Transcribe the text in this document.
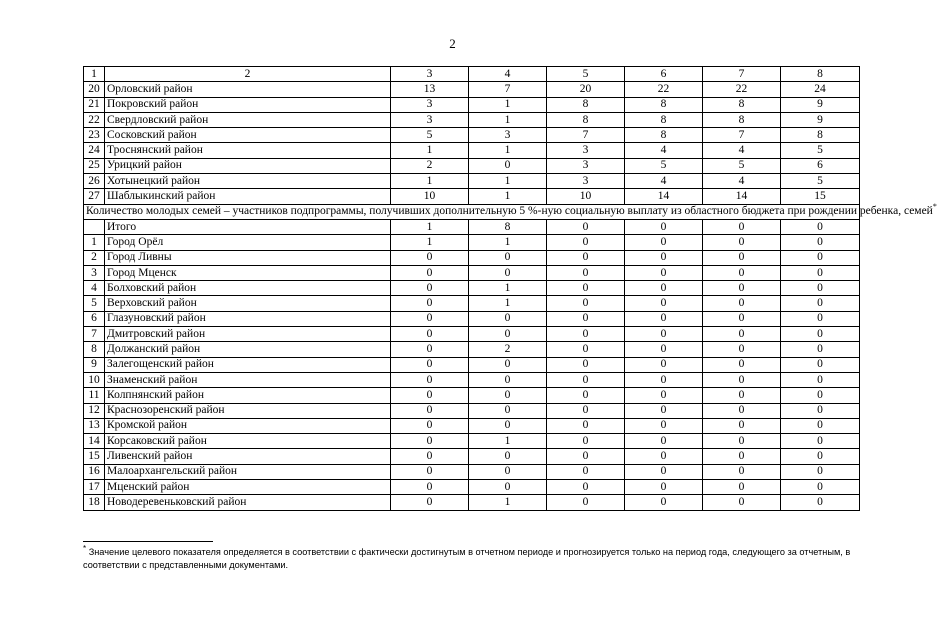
2
1	2	3	4	5	6	7	8
20	Орловский район	13	7	20	22	22	24
21	Покровский район	3	1	8	8	8	9
22	Свердловский район	3	1	8	8	8	9
23	Сосковский район	5	3	7	8	7	8
24	Троснянский район	1	1	3	4	4	5
25	Урицкий район	2	0	3	5	5	6
26	Хотынецкий район	1	1	3	4	4	5
27	Шаблыкинский район	10	1	10	14	14	15
Количество молодых семей – участников подпрограммы, получивших дополнительную 5 %-ную социальную выплату из областного бюджета при рождении ребенка, семей*
	Итого	1	8	0	0	0	0
1	Город Орёл	1	1	0	0	0	0
2	Город Ливны	0	0	0	0	0	0
3	Город Мценск	0	0	0	0	0	0
4	Болховский район	0	1	0	0	0	0
5	Верховский район	0	1	0	0	0	0
6	Глазуновский район	0	0	0	0	0	0
7	Дмитровский район	0	0	0	0	0	0
8	Должанский район	0	2	0	0	0	0
9	Залегощенский район	0	0	0	0	0	0
10	Знаменский район	0	0	0	0	0	0
11	Колпнянский район	0	0	0	0	0	0
12	Краснозоренский район	0	0	0	0	0	0
13	Кромской район	0	0	0	0	0	0
14	Корсаковский район	0	1	0	0	0	0
15	Ливенский район	0	0	0	0	0	0
16	Малоархангельский район	0	0	0	0	0	0
17	Мценский район	0	0	0	0	0	0
18	Новодеревеньковский район	0	1	0	0	0	0
* Значение целевого показателя определяется в соответствии с фактически достигнутым в отчетном периоде и прогнозируется только на период года, следующего за отчетным, в соответствии с представленными документами.
